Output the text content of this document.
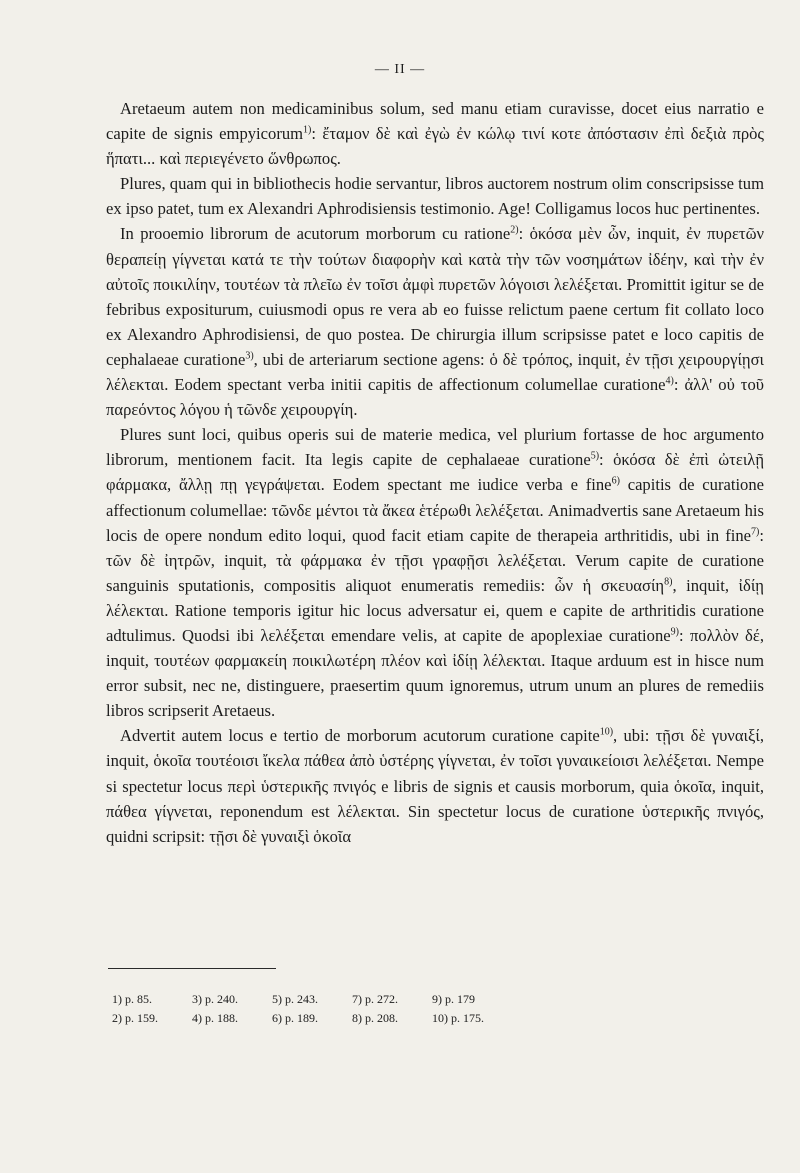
— II —

Aretaeum autem non medicaminibus solum, sed manu etiam curavisse, docet eius narratio e capite de signis empyicorum$^{1)}$: ἔταμον δὲ καὶ ἐγὼ ἐν κώλῳ τινί κοτε ἀπόστασιν ἐπὶ δεξιὰ πρὸς ἥπατι... καὶ περιεγένετο ὥνθρωπος.

Plures, quam qui in bibliothecis hodie servantur, libros auctorem nostrum olim conscripsisse tum ex ipso patet, tum ex Alexandri Aphrodisiensis testimonio. Age! Colligamus locos huc pertinentes.

In prooemio librorum de acutorum morborum cu ratione$^{2)}$: ὁκόσα μὲν ὦν, inquit, ἐν πυρετῶν θεραπείῃ γίγνεται κατά τε τὴν τούτων διαφορὴν καὶ κατὰ τὴν τῶν νοσημάτων ἰδέην, καὶ τὴν ἐν αὐτοῖς ποικιλίην, τουτέων τὰ πλεῖω ἐν τοῖσι ἀμφὶ πυρετῶν λόγοισι λελέξεται. Promittit igitur se de febribus expositurum, cuiusmodi opus re vera ab eo fuisse relictum paene certum fit collato loco ex Alexandro Aphrodisiensi, de quo postea. De chirurgia illum scripsisse patet e loco capitis de cephalaeae curatione$^{3)}$, ubi de arteriarum sectione agens: ὁ δὲ τρόπος, inquit, ἐν τῇσι χειρουργίῃσι λέλεκται. Eodem spectant verba initii capitis de affectionum columellae curatione$^{4)}$: ἀλλ' οὐ τοῦ παρεόντος λόγου ἡ τῶνδε χειρουργίη.

Plures sunt loci, quibus operis sui de materie medica, vel plurium fortasse de hoc argumento librorum, mentionem facit. Ita legis capite de cephalaeae curatione$^{5)}$: ὁκόσα δὲ ἐπὶ ὠτειλῇ φάρμακα, ἄλλῃ πῃ γεγράψεται. Eodem spectant me iudice verba e fine$^{6)}$ capitis de curatione affectionum columellae: τῶνδε μέντοι τὰ ἄκεα ἑτέρωθι λελέξεται. Animadvertis sane Aretaeum his locis de opere nondum edito loqui, quod facit etiam capite de therapeia arthritidis, ubi in fine$^{7)}$: τῶν δὲ ἰητρῶν, inquit, τὰ φάρμακα ἐν τῇσι γραφῇσι λελέξεται. Verum capite de curatione sanguinis sputationis, compositis aliquot enumeratis remediis: ὧν ἡ σκευασίη$^{8)}$, inquit, ἰδίῃ λέλεκται. Ratione temporis igitur hic locus adversatur ei, quem e capite de arthritidis curatione adtulimus. Quodsi ibi λελέξεται emendare velis, at capite de apoplexiae curatione$^{9)}$: πολλὸν δέ, inquit, τουτέων φαρμακείη ποικιλωτέρη πλέον καὶ ἰδίῃ λέλεκται. Itaque arduum est in hisce num error subsit, nec ne, distinguere, praesertim quum ignoremus, utrum unum an plures de remediis libros scripserit Aretaeus.

Advertit autem locus e tertio de morborum acutorum curatione capite$^{10)}$, ubi: τῇσι δὲ γυναιξί, inquit, ὁκοῖα τουτέοισι ἴκελα πάθεα ἀπὸ ὑστέρης γίγνεται, ἐν τοῖσι γυναικείοισι λελέξεται. Nempe si spectetur locus περὶ ὑστερικῆς πνιγός e libris de signis et causis morborum, quia ὁκοῖα, inquit, πάθεα γίγνεται, reponendum est λέλεκται. Sin spectetur locus de curatione ὑστερικῆς πνιγός, quidni scripsit: τῇσι δὲ γυναιξὶ ὁκοῖα

1) p. 85.	3) p. 240.	5) p. 243.	7) p. 272.	9) p. 179
2) p. 159.	4) p. 188.	6) p. 189.	8) p. 208.	10) p. 175.
